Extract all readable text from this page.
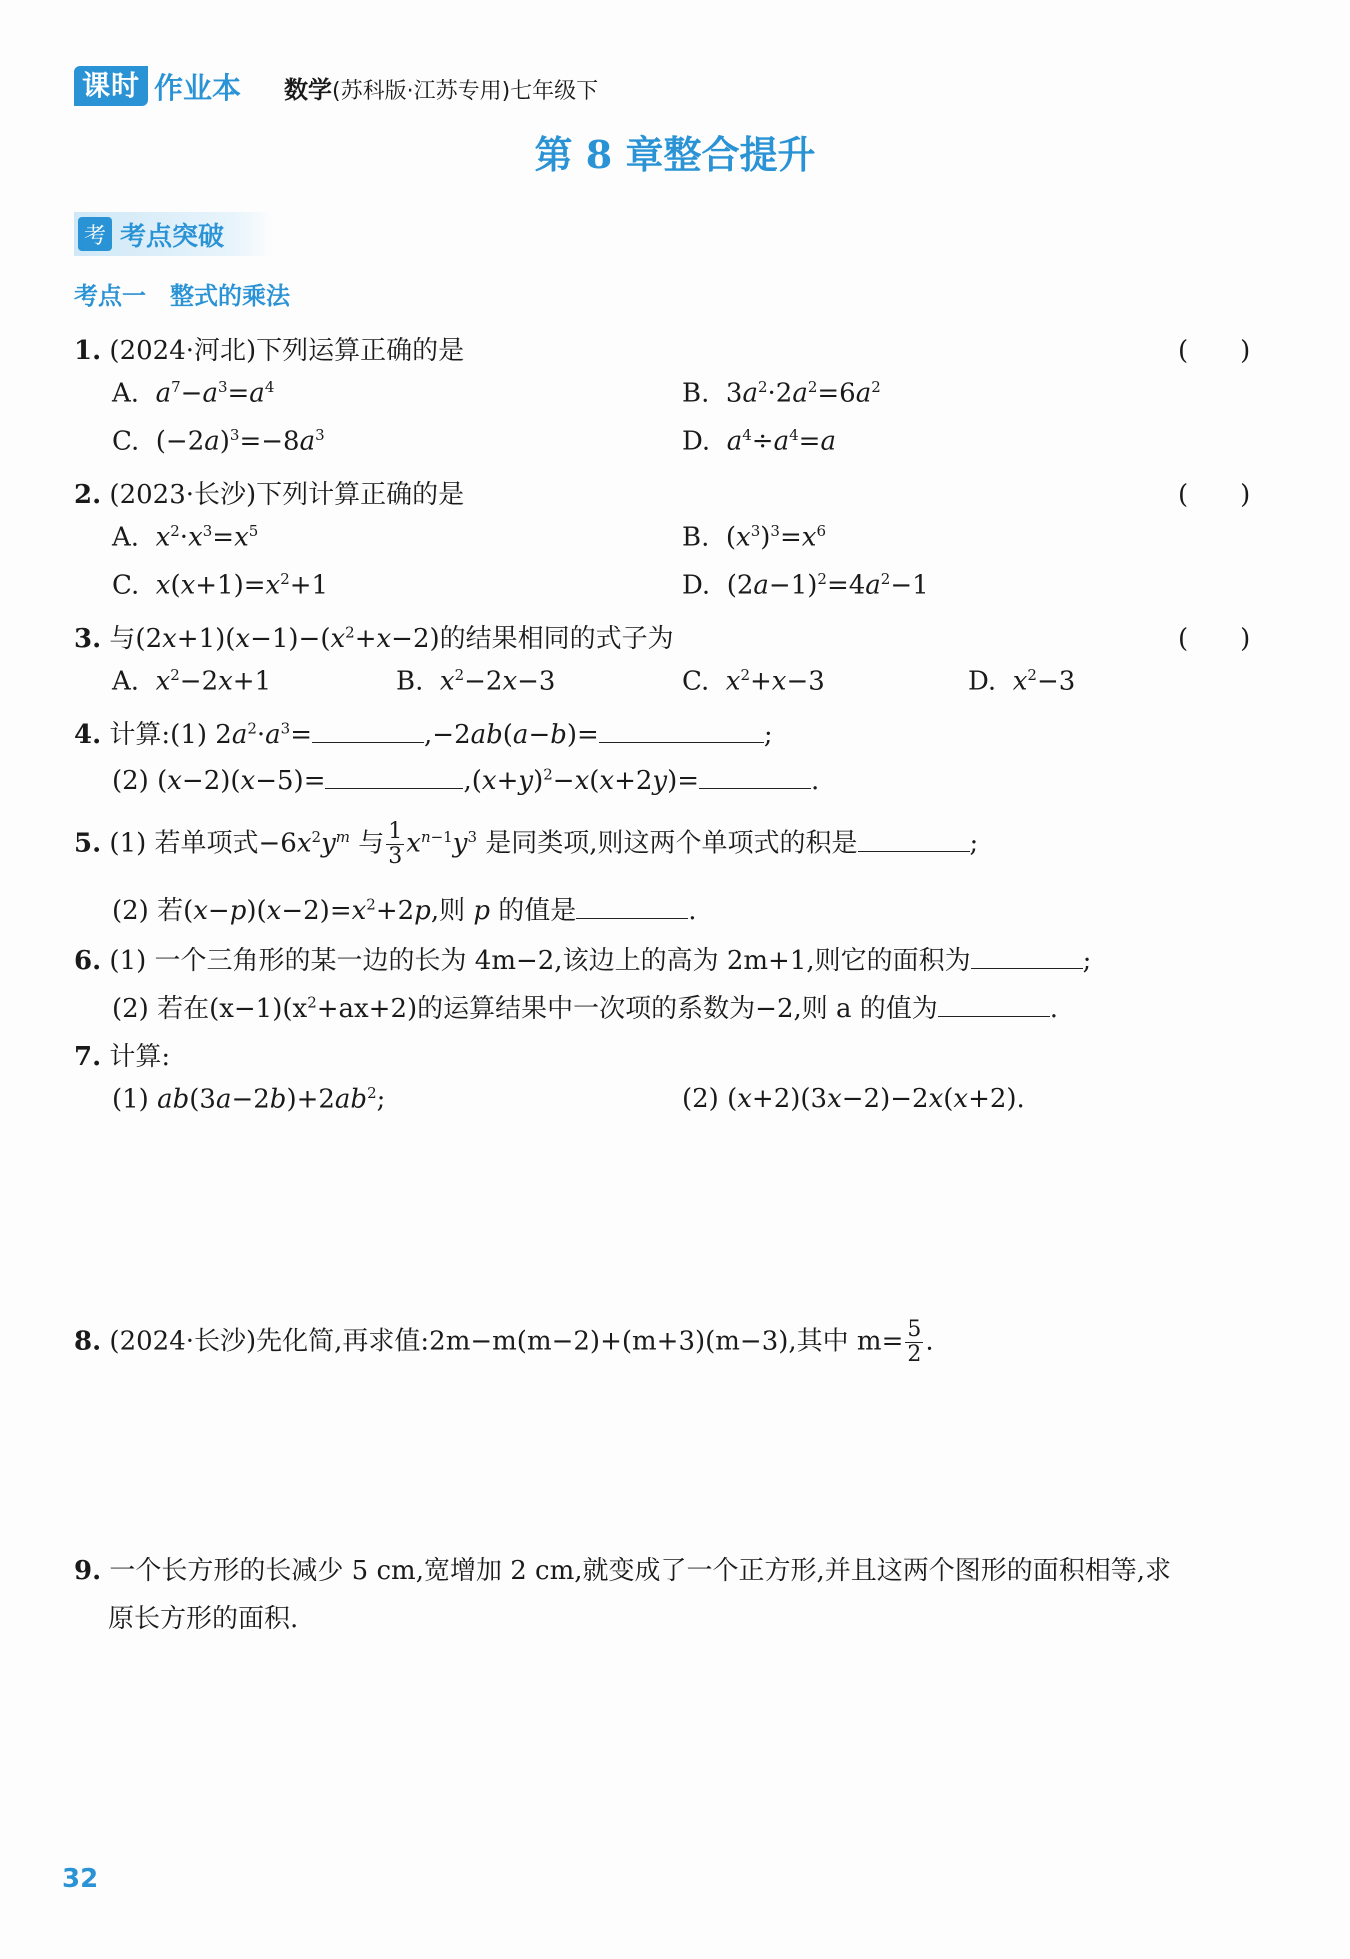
课时 作业本 数学(苏科版·江苏专用)七年级下
第 8 章整合提升
考 考点突破
考点一　整式的乘法
1. (2024·河北)下列运算正确的是	(　　)
A.  $a^7-a^3=a^4$	B.  $3a^2\cdot 2a^2=6a^2$
C.  $(-2a)^3=-8a^3$	D.  $a^4\div a^4=a$
2. (2023·长沙)下列计算正确的是	(　　)
A.  $x^2\cdot x^3=x^5$	B.  $(x^3)^3=x^6$
C.  $x(x+1)=x^2+1$	D.  $(2a-1)^2=4a^2-1$
3. 与$(2x+1)(x-1)-(x^2+x-2)$的结果相同的式子为	(　　)
A.  $x^2-2x+1$	B.  $x^2-2x-3$	C.  $x^2+x-3$	D.  $x^2-3$
4. 计算:(1) $2a^2\cdot a^3=$	,−2ab(a−b)=	;
(2) (x−2)(x−5)=	$,(x+y)^2-x(x+2y)=$	.
5. (1) 若单项式$-6x^2y^m$ 与 $\frac{1}{3} x^{n-1}y^3$ 是同类项,则这两个单项式的积是	;
(2) 若$(x-p)(x-2)=x^2+2p$,则 p 的值是	.
6. (1) 一个三角形的某一边的长为 4m−2,该边上的高为 2m+1,则它的面积为	;
(2) 若在$(x-1)(x^2+ax+2)$的运算结果中一次项的系数为−2,则 a 的值为	.
7. 计算:
(1) $ab(3a-2b)+2ab^2$;	(2) (x+2)(3x−2)−2x(x+2).
8. (2024·长沙)先化简,再求值:2m−m(m−2)+(m+3)(m−3),其中 $m= \frac{5}{2}$ .
9. 一个长方形的长减少 5 cm,宽增加 2 cm,就变成了一个正方形,并且这两个图形的面积相等,求
原长方形的面积.
32
